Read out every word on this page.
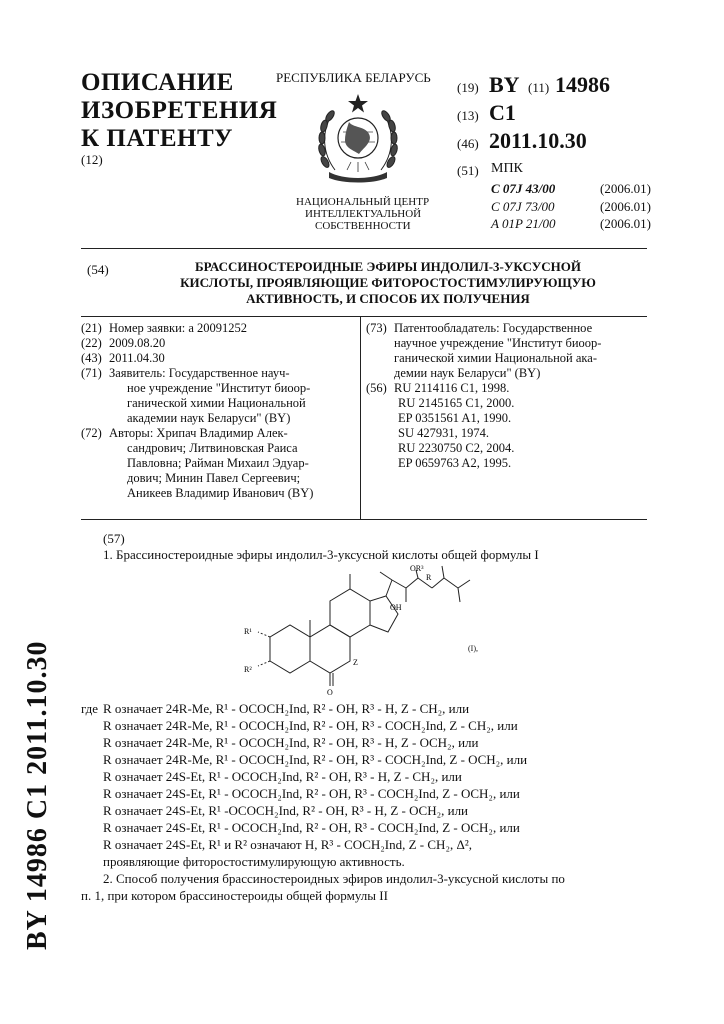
ОПИСАНИЕ
ИЗОБРЕТЕНИЯ
К ПАТЕНТУ
(12)
РЕСПУБЛИКА БЕЛАРУСЬ
НАЦИОНАЛЬНЫЙ ЦЕНТР
ИНТЕЛЛЕКТУАЛЬНОЙ
СОБСТВЕННОСТИ
(19) BY (11) 14986
(13) C1
(46) 2011.10.30
(51) МПК
C 07J 43/00	(2006.01)
C 07J 73/00	(2006.01)
A 01P 21/00	(2006.01)
(54)	БРАССИНОСТЕРОИДНЫЕ ЭФИРЫ ИНДОЛИЛ-3-УКСУСНОЙ
КИСЛОТЫ, ПРОЯВЛЯЮЩИЕ ФИТОРОСТОСТИМУЛИРУЮЩУЮ
АКТИВНОСТЬ, И СПОСОБ ИХ ПОЛУЧЕНИЯ
(21) Номер заявки: a 20091252
(22) 2009.08.20
(43) 2011.04.30
(71) Заявитель: Государственное науч-
ное учреждение "Институт биоор-
ганической химии Национальной
академии наук Беларуси" (BY)
(72) Авторы: Хрипач Владимир Алек-
сандрович; Литвиновская Раиса
Павловна; Райман Михаил Эдуар-
дович; Минин Павел Сергеевич;
Аникеев Владимир Иванович (BY)
(73) Патентообладатель: Государственное
научное учреждение "Институт биоор-
ганической химии Национальной ака-
демии наук Беларуси" (BY)
(56) RU 2114116 C1, 1998.
RU 2145165 C1, 2000.
EP 0351561 A1, 1990.
SU 427931, 1974.
RU 2230750 C2, 2004.
EP 0659763 A2, 1995.
(57)
1. Брассиностероидные эфиры индолил-3-уксусной кислоты общей формулы I
R¹
R²
OR³
R
OH
Z
O
(I),
где R означает 24R-Me, R¹ - OCOCH₂Ind, R² - OH, R³ - H, Z - CH₂, или
R означает 24R-Me, R¹ - OCOCH₂Ind, R² - OH, R³ - COCH₂Ind, Z - CH₂, или
R означает 24R-Me, R¹ - OCOCH₂Ind, R² - OH, R³ - H, Z - OCH₂, или
R означает 24R-Me, R¹ - OCOCH₂Ind, R² - OH, R³ - COCH₂Ind, Z - OCH₂, или
R означает 24S-Et, R¹ - OCOCH₂Ind, R² - OH, R³ - H, Z - CH₂, или
R означает 24S-Et, R¹ - OCOCH₂Ind, R² - OH, R³ - COCH₂Ind, Z - OCH₂, или
R означает 24S-Et, R¹ -OCOCH₂Ind, R² - OH, R³ - H, Z - OCH₂, или
R означает 24S-Et, R¹ - OCOCH₂Ind, R² - OH, R³ - COCH₂Ind, Z - OCH₂, или
R означает 24S-Et, R¹ и R² означают H, R³ - COCH₂Ind, Z - CH₂, Δ²,
проявляющие фиторостостимулирующую активность.
2. Способ получения брассиностероидных эфиров индолил-3-уксусной кислоты по
п. 1, при котором брассиностероиды общей формулы II
BY 14986 C1 2011.10.30
